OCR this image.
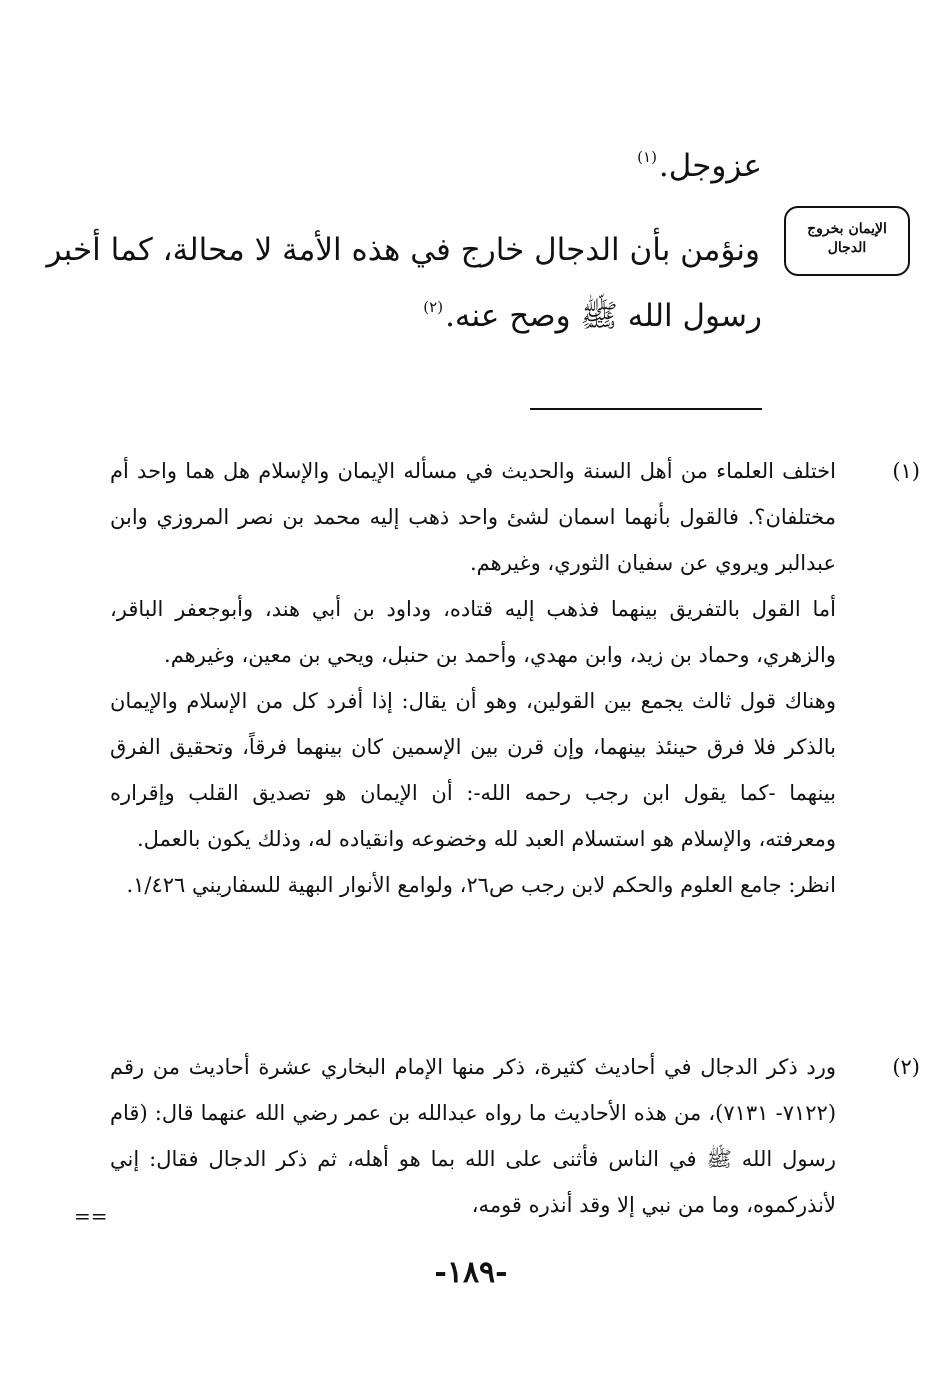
عزوجل.$^{(١)}$
الإيمان بخروج
الدجال
ونؤمن بأن الدجال خارج في هذه الأمة لا محالة، كما أخبر
رسول الله ﷺ وصح عنه.$^{(٢)}$
(١)

اختلف العلماء من أهل السنة والحديث في مسأله الإيمان والإسلام هل هما واحد أم مختلفان؟. فالقول بأنهما اسمان لشئ واحد ذهب إليه محمد بن نصر المروزي وابن عبدالبر ويروي عن سفيان الثوري، وغيرهم.

أما القول بالتفريق بينهما فذهب إليه قتاده، وداود بن أبي هند، وأبوجعفر الباقر، والزهري، وحماد بن زيد، وابن مهدي، وأحمد بن حنبل، ويحي بن معين، وغيرهم.

وهناك قول ثالث يجمع بين القولين، وهو أن يقال: إذا أفرد كل من الإسلام والإيمان بالذكر فلا فرق حينئذ بينهما، وإن قرن بين الإسمين كان بينهما فرقاً، وتحقيق الفرق بينهما -كما يقول ابن رجب رحمه الله-: أن الإيمان هو تصديق القلب وإقراره ومعرفته، والإسلام هو استسلام العبد لله وخضوعه وانقياده له، وذلك يكون بالعمل.

انظر: جامع العلوم والحكم لابن رجب ص٢٦، ولوامع الأنوار البهية للسفاريني ١/٤٢٦.

(٢)

ورد ذكر الدجال في أحاديث كثيرة، ذكر منها الإمام البخاري عشرة أحاديث من رقم (٧١٢٢- ٧١٣١)، من هذه الأحاديث ما رواه عبدالله بن عمر رضي الله عنهما قال: (قام رسول الله ﷺ في الناس فأثنى على الله بما هو أهله، ثم ذكر الدجال فقال: إني لأنذركموه، وما من نبي إلا وقد أنذره قومه،

==
-١٨٩-
